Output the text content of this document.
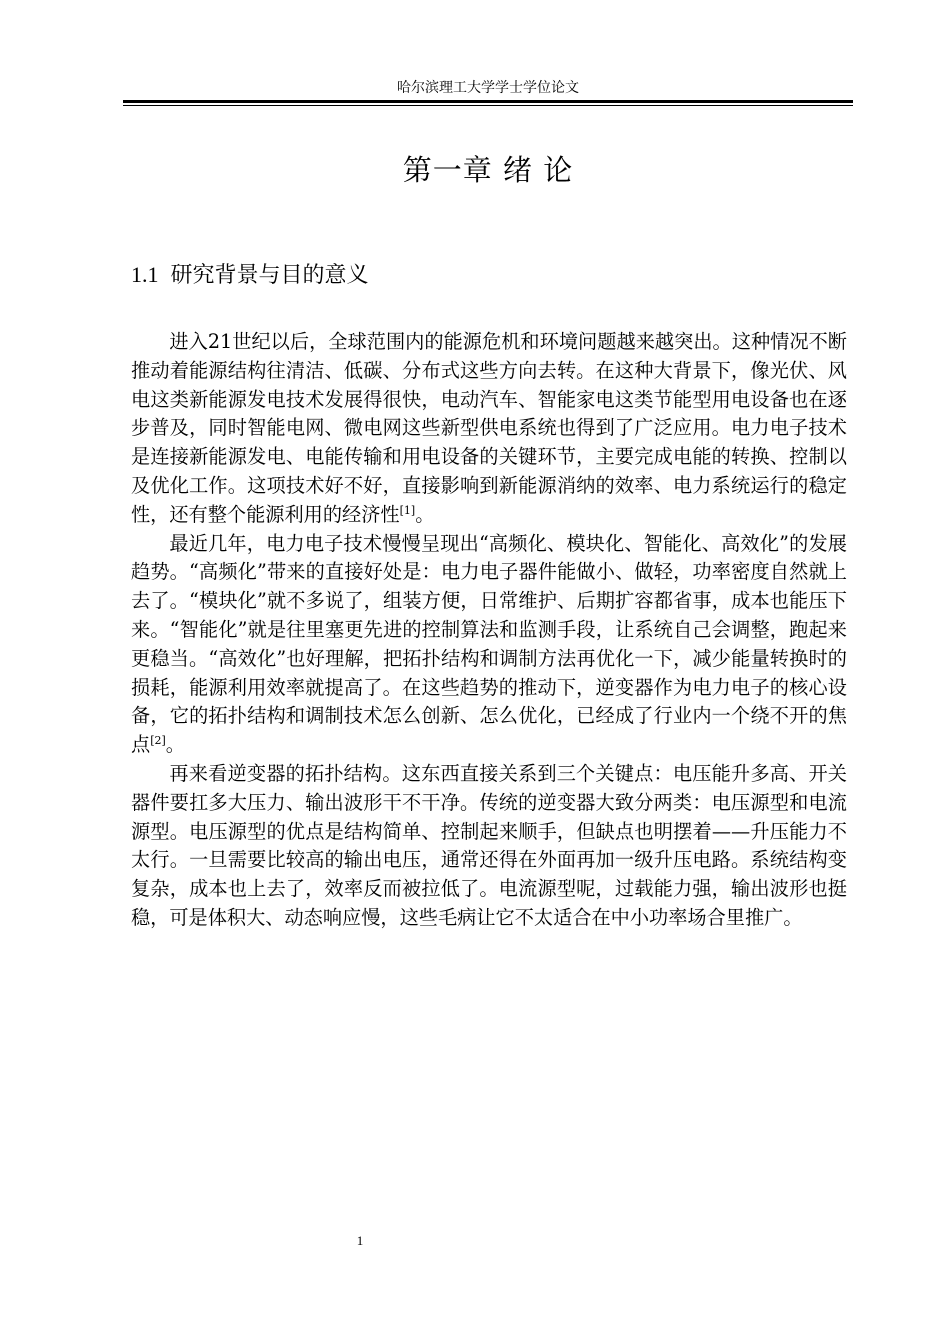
哈尔滨理工大学学士学位论文
第一章 绪 论
1.1 研究背景与目的意义

进入21世纪以后，全球范围内的能源危机和环境问题越来越突出。这种情况不断推动着能源结构往清洁、低碳、分布式这些方向去转。在这种大背景下，像光伏、风电这类新能源发电技术发展得很快，电动汽车、智能家电这类节能型用电设备也在逐步普及，同时智能电网、微电网这些新型供电系统也得到了广泛应用。电力电子技术是连接新能源发电、电能传输和用电设备的关键环节，主要完成电能的转换、控制以及优化工作。这项技术好不好，直接影响到新能源消纳的效率、电力系统运行的稳定性，还有整个能源利用的经济性[1]。

最近几年，电力电子技术慢慢呈现出“高频化、模块化、智能化、高效化”的发展趋势。“高频化”带来的直接好处是：电力电子器件能做小、做轻，功率密度自然就上去了。“模块化”就不多说了，组装方便，日常维护、后期扩容都省事，成本也能压下来。“智能化”就是往里塞更先进的控制算法和监测手段，让系统自己会调整，跑起来更稳当。“高效化”也好理解，把拓扑结构和调制方法再优化一下，减少能量转换时的损耗，能源利用效率就提高了。在这些趋势的推动下，逆变器作为电力电子的核心设备，它的拓扑结构和调制技术怎么创新、怎么优化，已经成了行业内一个绕不开的焦点[2]。

再来看逆变器的拓扑结构。这东西直接关系到三个关键点：电压能升多高、开关器件要扛多大压力、输出波形干不干净。传统的逆变器大致分两类：电压源型和电流源型。电压源型的优点是结构简单、控制起来顺手，但缺点也明摆着——升压能力不太行。一旦需要比较高的输出电压，通常还得在外面再加一级升压电路。系统结构变复杂，成本也上去了，效率反而被拉低了。电流源型呢，过载能力强，输出波形也挺稳，可是体积大、动态响应慢，这些毛病让它不太适合在中小功率场合里推广。

1
